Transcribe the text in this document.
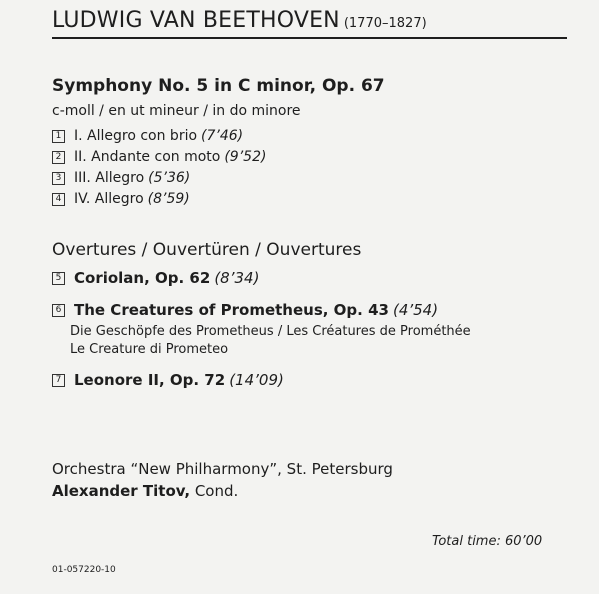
LUDWIG VAN BEETHOVEN (1770–1827)
Symphony No. 5 in C minor, Op. 67
c-moll / en ut mineur / in do minore
1 I. Allegro con brio (7’46)
2 II. Andante con moto (9’52)
3 III. Allegro (5’36)
4 IV. Allegro (8’59)
Overtures / Ouvertüren / Ouvertures
5 Coriolan, Op. 62 (8’34)
6 The Creatures of Prometheus, Op. 43 (4’54)
Die Geschöpfe des Prometheus / Les Créatures de Prométhée
Le Creature di Prometeo
7 Leonore II, Op. 72 (14’09)
Orchestra “New Philharmony”, St. Petersburg
Alexander Titov, Cond.
Total time: 60’00
01-057220-10
